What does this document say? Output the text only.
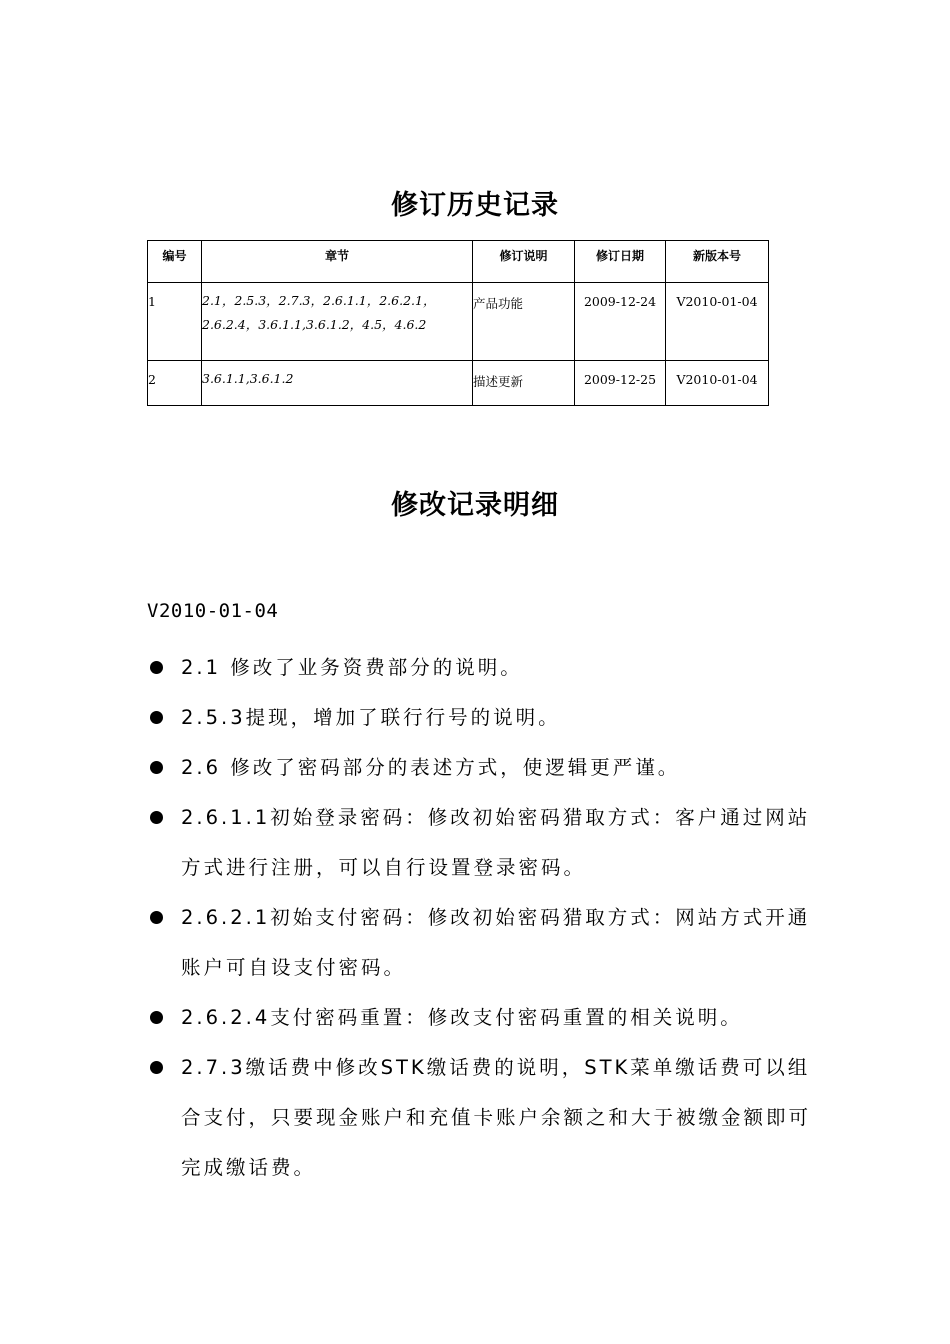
修订历史记录
编号	章节	修订说明	修订日期	新版本号
1	2.1，2.5.3，2.7.3，2.6.1.1，2.6.2.1，2.6.2.4，3.6.1.1,3.6.1.2，4.5，4.6.2	产品功能	2009-12-24	V2010-01-04
2	3.6.1.1,3.6.1.2	描述更新	2009-12-25	V2010-01-04
修改记录明细
V2010-01-04
2.1 修改了业务资费部分的说明。
2.5.3提现，增加了联行行号的说明。
2.6 修改了密码部分的表述方式，使逻辑更严谨。
2.6.1.1初始登录密码：修改初始密码猎取方式：客户通过网站方式进行注册，可以自行设置登录密码。
2.6.2.1初始支付密码：修改初始密码猎取方式：网站方式开通账户可自设支付密码。
2.6.2.4支付密码重置：修改支付密码重置的相关说明。
2.7.3缴话费中修改STK缴话费的说明，STK菜单缴话费可以组合支付，只要现金账户和充值卡账户余额之和大于被缴金额即可完成缴话费。
